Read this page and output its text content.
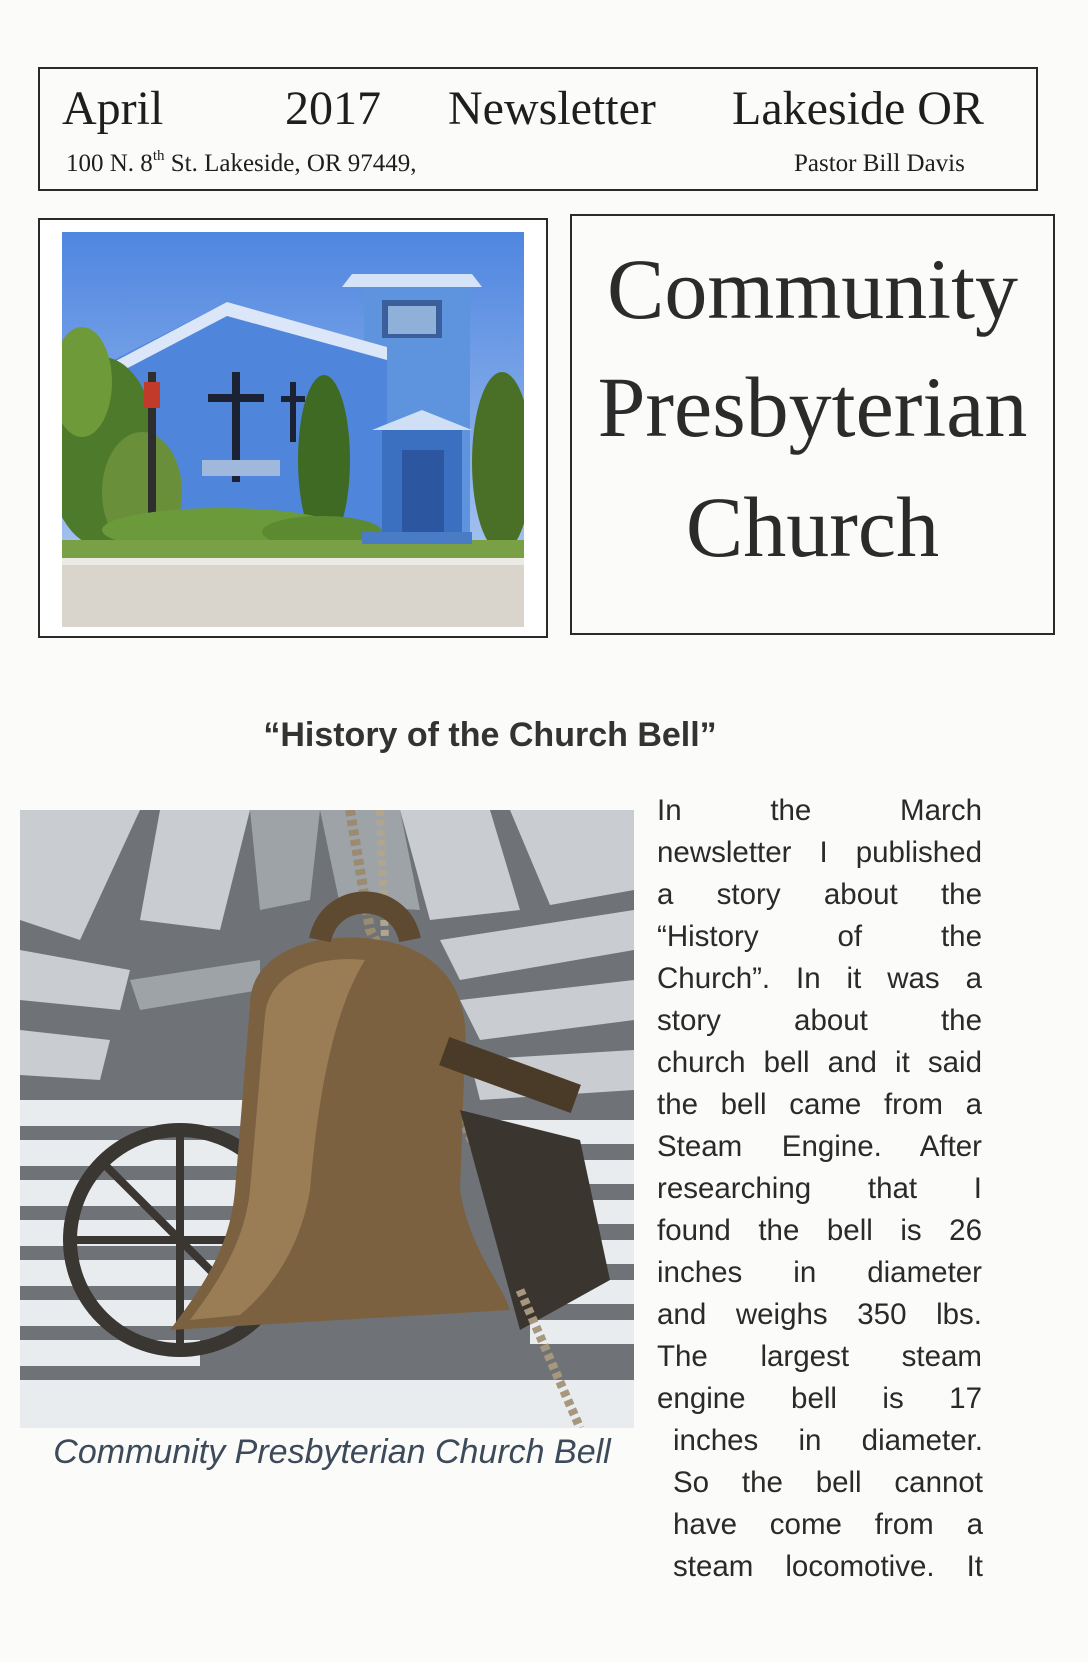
April	2017 Newsletter Lakeside OR
100 N. 8th St. Lakeside, OR 97449,	Pastor Bill Davis
Community
Presbyterian
Church
“History of the Church Bell”
Community Presbyterian Church Bell
In the March
newsletter I published
a story about the
“History of the
Church”. In it was a
story about the
church bell and it said
the bell came from a
Steam Engine. After
researching that I
found the bell is 26
inches in diameter
and weighs 350 lbs.
The largest steam
engine bell is 17
inches in diameter.
So the bell cannot
have come from a
steam locomotive. It
